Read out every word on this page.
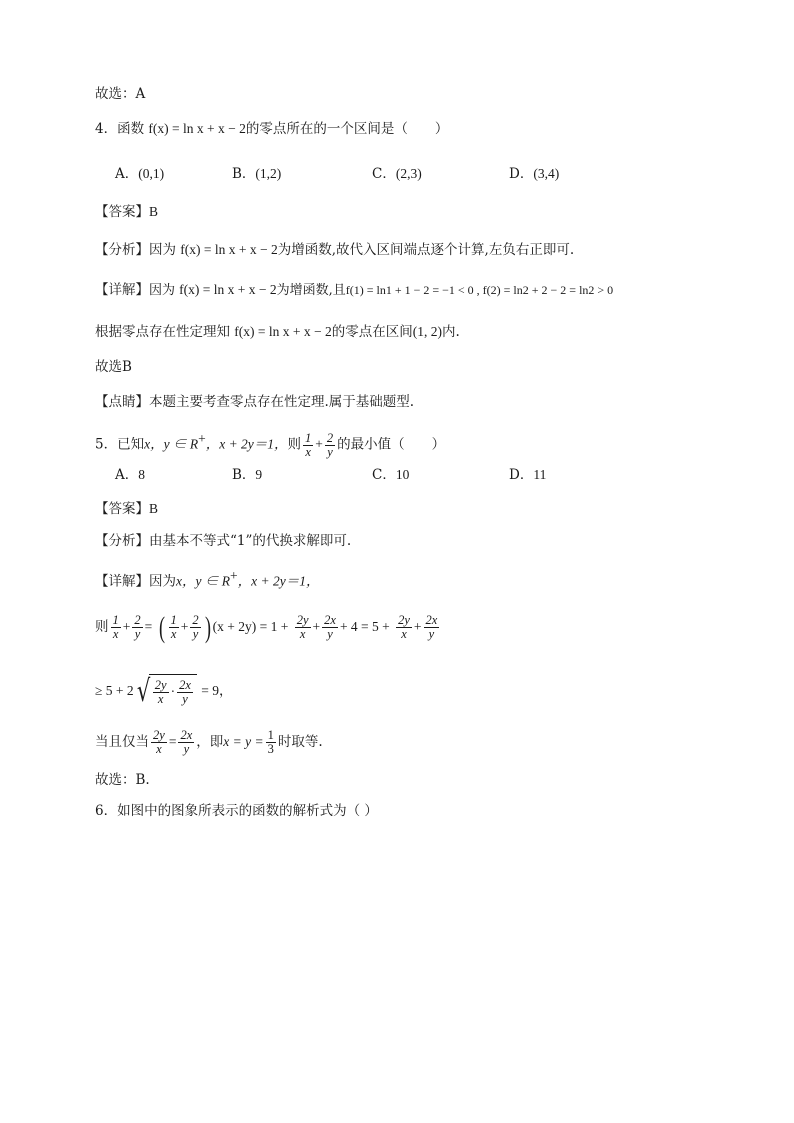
故选：A
4．函数 f(x) = ln x + x − 2的零点所在的一个区间是（　　）
A．(0,1)	B．(1,2)	C．(2,3)	D．(3,4)
【答案】B
【分析】因为 f(x) = ln x + x − 2为增函数,故代入区间端点逐个计算,左负右正即可.
【详解】因为 f(x) = ln x + x − 2为增函数,且f(1) = ln1 + 1 − 2 = −1 < 0 , f(2) = ln2 + 2 − 2 = ln2 > 0
根据零点存在性定理知 f(x) = ln x + x − 2的零点在区间(1, 2)内.
故选B
【点睛】本题主要考查零点存在性定理.属于基础题型.
5．已知x，y ∈ R+，x + 2y＝1，则 $\frac{1}{x} + \frac{2}{y}$ 的最小值（　　）
A．8	B．9	C．10	D．11
【答案】B
【分析】由基本不等式“1”的代换求解即可.
【详解】因为x，y ∈ R+，x + 2y＝1，
则 $\frac{1}{x} + \frac{2}{y}$ = ( $\frac{1}{x} + \frac{2}{y}$ ) $(x + 2y) = 1 + \frac{2y}{x} + \frac{2x}{y} + 4 = 5 + \frac{2y}{x} + \frac{2x}{y}$
≥ 5 + 2 √ $\frac{2y}{x} \cdot \frac{2x}{y} = 9$，
当且仅当 $\frac{2y}{x} = \frac{2x}{y}$ ，即$x = y = \frac{1}{3}$ 时取等.
故选：B.
6．如图中的图象所表示的函数的解析式为（ ）
